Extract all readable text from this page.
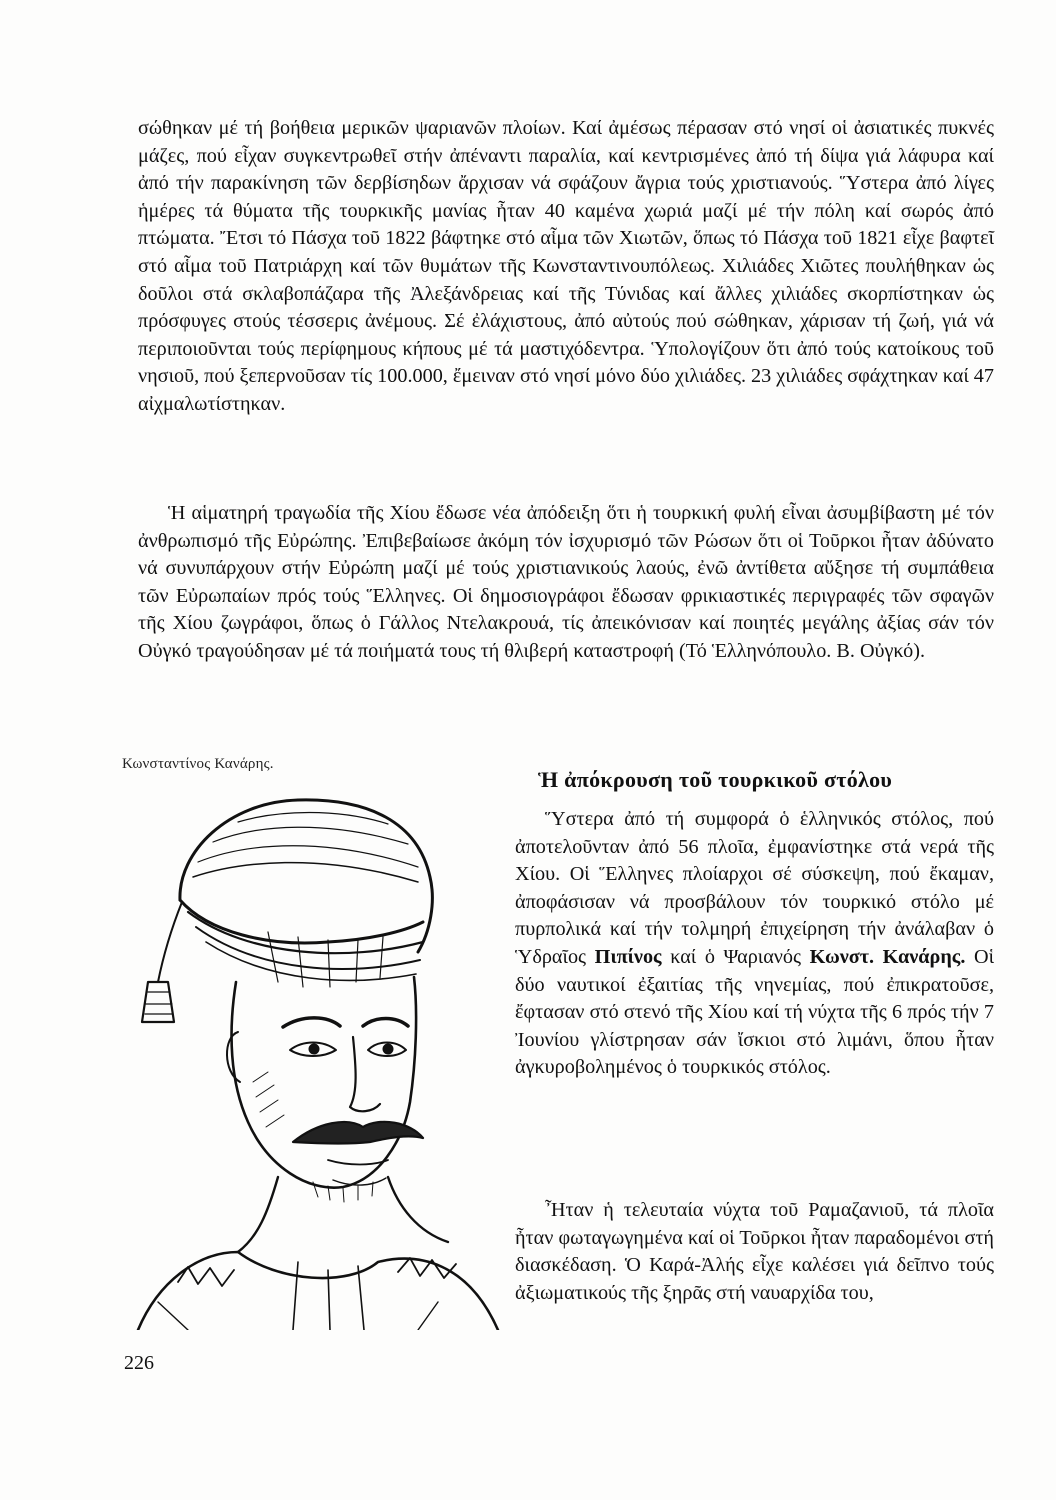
σώθηκαν μέ τή βοήθεια μερικῶν ψαριανῶν πλοίων. Καί ἀμέσως πέρασαν στό νησί οἱ ἀσιατικές πυκνές μάζες, πού εἶχαν συγκεντρωθεῖ στήν ἀπέναντι παραλία, καί κεντρισμένες ἀπό τή δίψα γιά λάφυρα καί ἀπό τήν παρακίνηση τῶν δερβίσηδων ἄρχισαν νά σφάζουν ἄγρια τούς χριστιανούς. Ὕστερα ἀπό λίγες ἡμέρες τά θύματα τῆς τουρκικῆς μανίας ἦταν 40 καμένα χωριά μαζί μέ τήν πόλη καί σωρός ἀπό πτώματα. Ἔτσι τό Πάσχα τοῦ 1822 βάφτηκε στό αἷμα τῶν Χιωτῶν, ὅπως τό Πάσχα τοῦ 1821 εἶχε βαφτεῖ στό αἷμα τοῦ Πατριάρχη καί τῶν θυμάτων τῆς Κωνσταντινουπόλεως. Χιλιάδες Χιῶτες πουλήθηκαν ὡς δοῦλοι στά σκλαβοπάζαρα τῆς Ἀλεξάνδρειας καί τῆς Τύνιδας καί ἄλλες χιλιάδες σκορπίστηκαν ὡς πρόσφυγες στούς τέσσερις ἀνέμους. Σέ ἐλάχιστους, ἀπό αὐτούς πού σώθηκαν, χάρισαν τή ζωή, γιά νά περιποιοῦνται τούς περίφημους κήπους μέ τά μαστιχόδεντρα. Ὑπολογίζουν ὅτι ἀπό τούς κατοίκους τοῦ νησιοῦ, πού ξεπερνοῦσαν τίς 100.000, ἔμειναν στό νησί μόνο δύο χιλιάδες. 23 χιλιάδες σφάχτηκαν καί 47 αἰχμαλωτίστηκαν.

Ἡ αἱματηρή τραγωδία τῆς Χίου ἔδωσε νέα ἀπόδειξη ὅτι ἡ τουρκική φυλή εἶναι ἀσυμβίβαστη μέ τόν ἀνθρωπισμό τῆς Εὐρώπης. Ἐπιβεβαίωσε ἀκόμη τόν ἰσχυρισμό τῶν Ρώσων ὅτι οἱ Τοῦρκοι ἦταν ἀδύνατο νά συνυπάρχουν στήν Εὐρώπη μαζί μέ τούς χριστιανικούς λαούς, ἐνῶ ἀντίθετα αὔξησε τή συμπάθεια τῶν Εὐρωπαίων πρός τούς Ἕλληνες. Οἱ δημοσιογράφοι ἔδωσαν φρικιαστικές περιγραφές τῶν σφαγῶν τῆς Χίου ζωγράφοι, ὅπως ὁ Γάλλος Ντελακρουά, τίς ἀπεικόνισαν καί ποιητές μεγάλης ἀξίας σάν τόν Οὐγκό τραγούδησαν μέ τά ποιήματά τους τή θλιβερή καταστροφή (Τό Ἑλληνόπουλο. Β. Οὐγκό).

Κωνσταντίνος Κανάρης.
Ἡ ἀπόκρουση τοῦ τουρκικοῦ στόλου

Ὕστερα ἀπό τή συμφορά ὁ ἑλληνικός στόλος, πού ἀποτελοῦνταν ἀπό 56 πλοῖα, ἐμφανίστηκε στά νερά τῆς Χίου. Οἱ Ἕλληνες πλοίαρχοι σέ σύσκεψη, πού ἔκαμαν, ἀποφάσισαν νά προσβάλουν τόν τουρκικό στόλο μέ πυρπολικά καί τήν τολμηρή ἐπιχείρηση τήν ἀνάλαβαν ὁ Ὑδραῖος Πιπίνος καί ὁ Ψαριανός Κωνστ. Κανάρης. Οἱ δύο ναυτικοί ἐξαιτίας τῆς νηνεμίας, πού ἐπικρατοῦσε, ἔφτασαν στό στενό τῆς Χίου καί τή νύχτα τῆς 6 πρός τήν 7 Ἰουνίου γλίστρησαν σάν ἴσκιοι στό λιμάνι, ὅπου ἦταν ἀγκυροβολημένος ὁ τουρκικός στόλος.

Ἦταν ἡ τελευταία νύχτα τοῦ Ραμαζανιοῦ, τά πλοῖα ἦταν φωταγωγημένα καί οἱ Τοῦρκοι ἦταν παραδομένοι στή διασκέδαση. Ὁ Καρά-Ἀλής εἶχε καλέσει γιά δεῖπνο τούς ἀξιωματικούς τῆς ξηρᾶς στή ναυαρχίδα του,

226
